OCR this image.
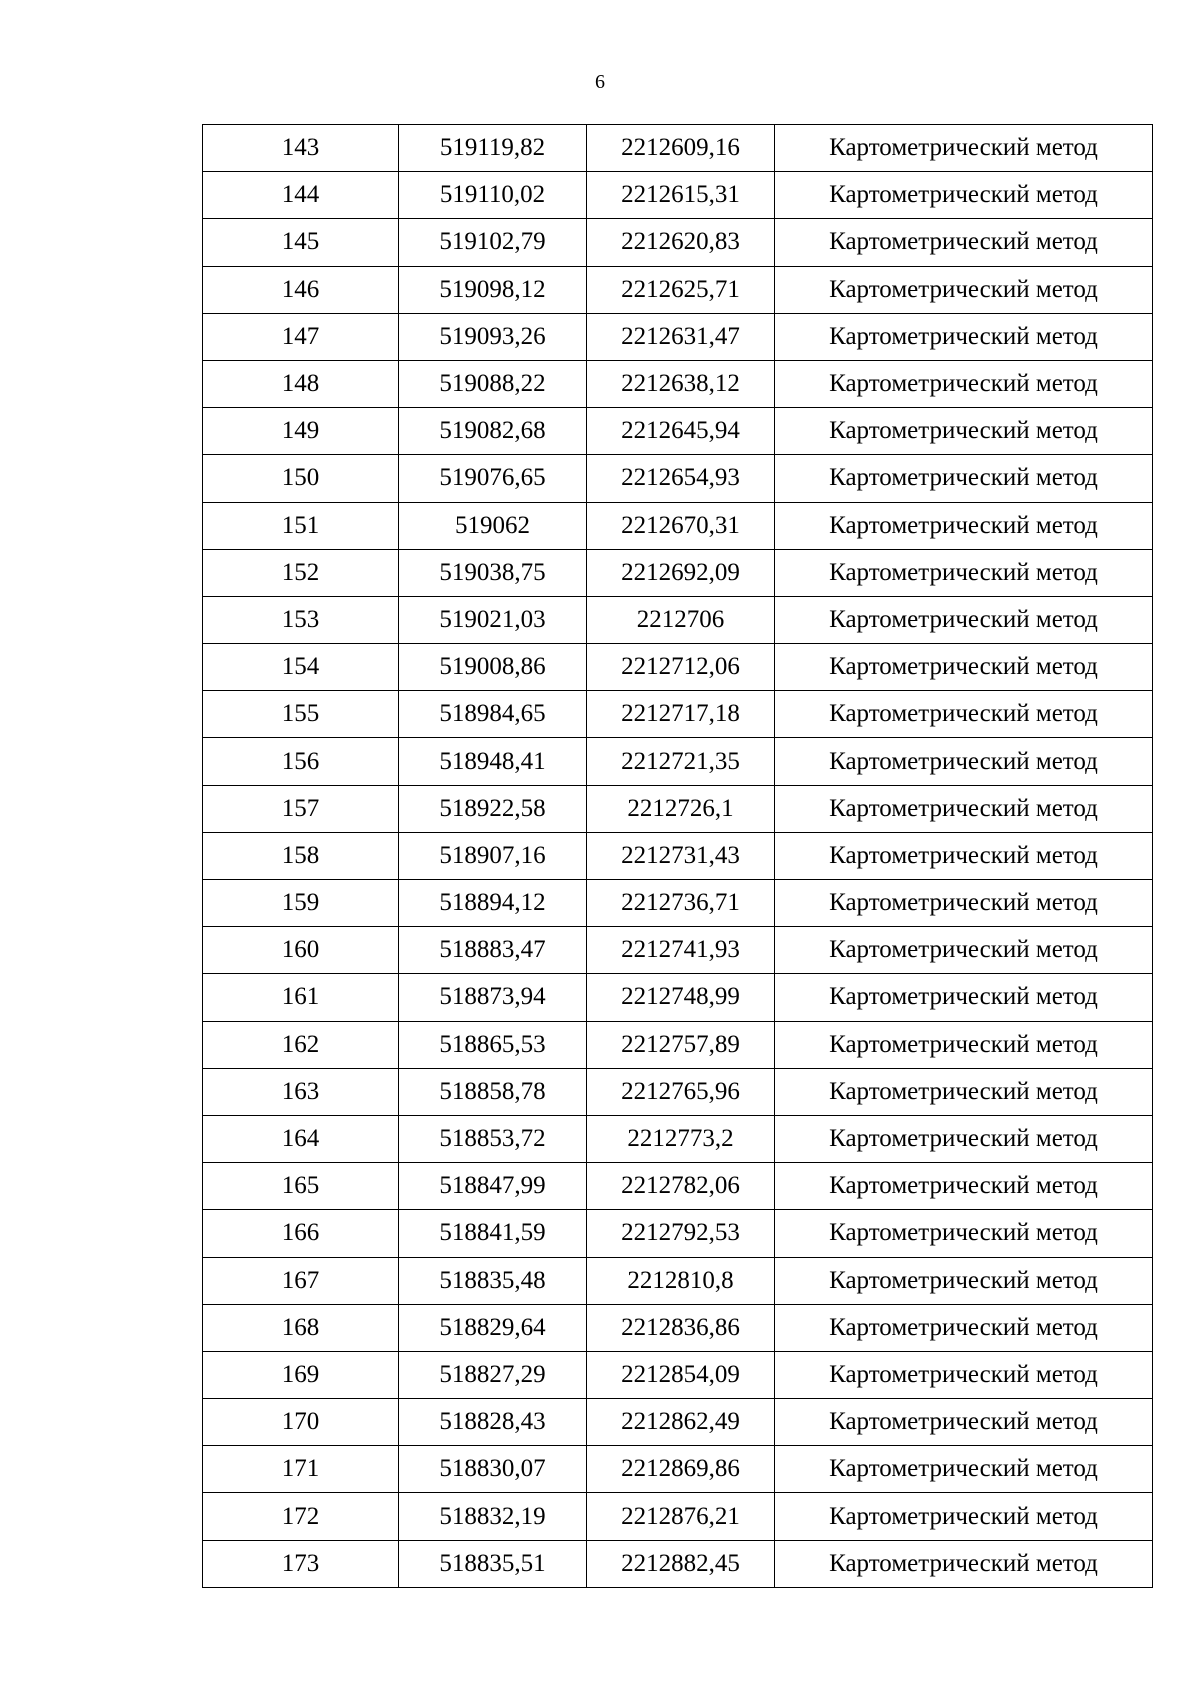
6
143	519119,82	2212609,16	Картометрический метод
144	519110,02	2212615,31	Картометрический метод
145	519102,79	2212620,83	Картометрический метод
146	519098,12	2212625,71	Картометрический метод
147	519093,26	2212631,47	Картометрический метод
148	519088,22	2212638,12	Картометрический метод
149	519082,68	2212645,94	Картометрический метод
150	519076,65	2212654,93	Картометрический метод
151	519062	2212670,31	Картометрический метод
152	519038,75	2212692,09	Картометрический метод
153	519021,03	2212706	Картометрический метод
154	519008,86	2212712,06	Картометрический метод
155	518984,65	2212717,18	Картометрический метод
156	518948,41	2212721,35	Картометрический метод
157	518922,58	2212726,1	Картометрический метод
158	518907,16	2212731,43	Картометрический метод
159	518894,12	2212736,71	Картометрический метод
160	518883,47	2212741,93	Картометрический метод
161	518873,94	2212748,99	Картометрический метод
162	518865,53	2212757,89	Картометрический метод
163	518858,78	2212765,96	Картометрический метод
164	518853,72	2212773,2	Картометрический метод
165	518847,99	2212782,06	Картометрический метод
166	518841,59	2212792,53	Картометрический метод
167	518835,48	2212810,8	Картометрический метод
168	518829,64	2212836,86	Картометрический метод
169	518827,29	2212854,09	Картометрический метод
170	518828,43	2212862,49	Картометрический метод
171	518830,07	2212869,86	Картометрический метод
172	518832,19	2212876,21	Картометрический метод
173	518835,51	2212882,45	Картометрический метод
